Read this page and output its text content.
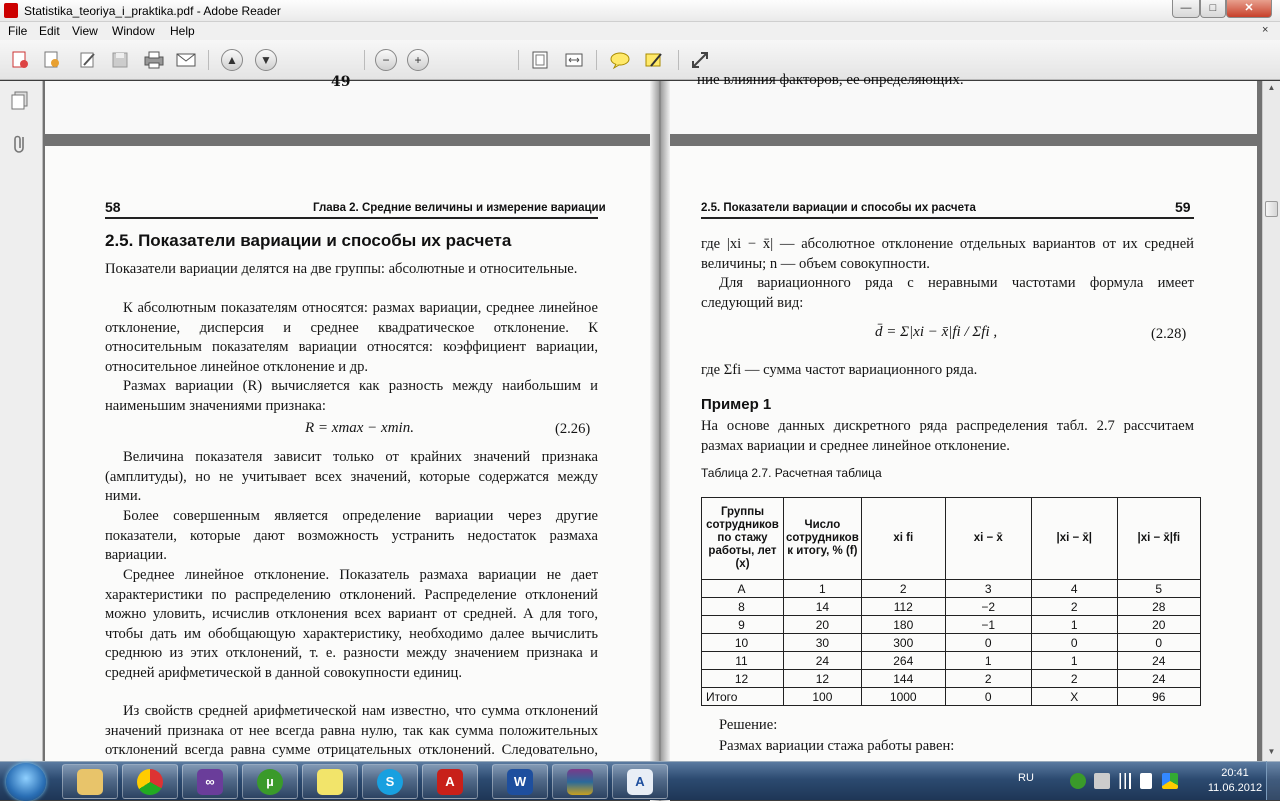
Statistika_teoriya_i_praktika.pdf - Adobe Reader	—	□	✕
File Edit View Window Help	×
▲	▼	−	+
49	ние влияния факторов, ее определяющих.
58	Глава 2. Средние величины и измерение вариации
2.5. Показатели вариации и способы их расчета
Показатели вариации делятся на две группы: абсолютные и относительные.
К абсолютным показателям относятся: размах вариации, среднее линейное отклонение, дисперсия и среднее квадратическое отклонение. К относительным показателям вариации относятся: коэффициент вариации, относительное линейное отклонение и др.
Размах вариации (R) вычисляется как разность между наибольшим и наименьшим значениями признака:
R = xmax − xmin.	(2.26)
Величина показателя зависит только от крайних значений признака (амплитуды), но не учитывает всех значений, которые содержатся между ними.
Более совершенным является определение вариации через другие показатели, которые дают возможность устранить недостаток размаха вариации.
Среднее линейное отклонение. Показатель размаха вариации не дает характеристики по распределению отклонений. Распределение отклонений можно уловить, исчислив отклонения всех вариант от средней. А для того, чтобы дать им обобщающую характеристику, необходимо далее вычислить среднюю из этих отклонений, т. е. разности между значением признака и средней арифметической в данной совокупности единиц.
Из свойств средней арифметической нам известно, что сумма отклонений значений признака от нее всегда равна нулю, так как сумма положительных отклонений всегда равна сумме отрицательных отклонений. Следовательно,
2.5. Показатели вариации и способы их расчета	59
где |xi − x̄| — абсолютное отклонение отдельных вариантов от их средней величины; n — объем совокупности.
Для вариационного ряда с неравными частотами формула имеет следующий вид:
d̄ = Σ|xi − x̄|fi / Σfi ,	(2.28)
где Σfi — сумма частот вариационного ряда.
Пример 1
На основе данных дискретного ряда распределения табл. 2.7 рассчитаем размах вариации и среднее линейное отклонение.
Таблица 2.7. Расчетная таблица
Группы сотрудников по стажу работы, лет (x)	Число сотрудников к итогу, % (f)	xi fi	xi − x̄	|xi − x̄|	|xi − x̄|fi
А	1	2	3	4	5
8	14	112	−2	2	28
9	20	180	−1	1	20
10	30	300	0	0	0
11	24	264	1	1	24
12	12	144	2	2	24
Итого	100	1000	0	X	96
Решение:
Размах вариации стажа работы равен:
▲
▼
∞	µ	S	A	W	A	RU	20:41
11.06.2012
